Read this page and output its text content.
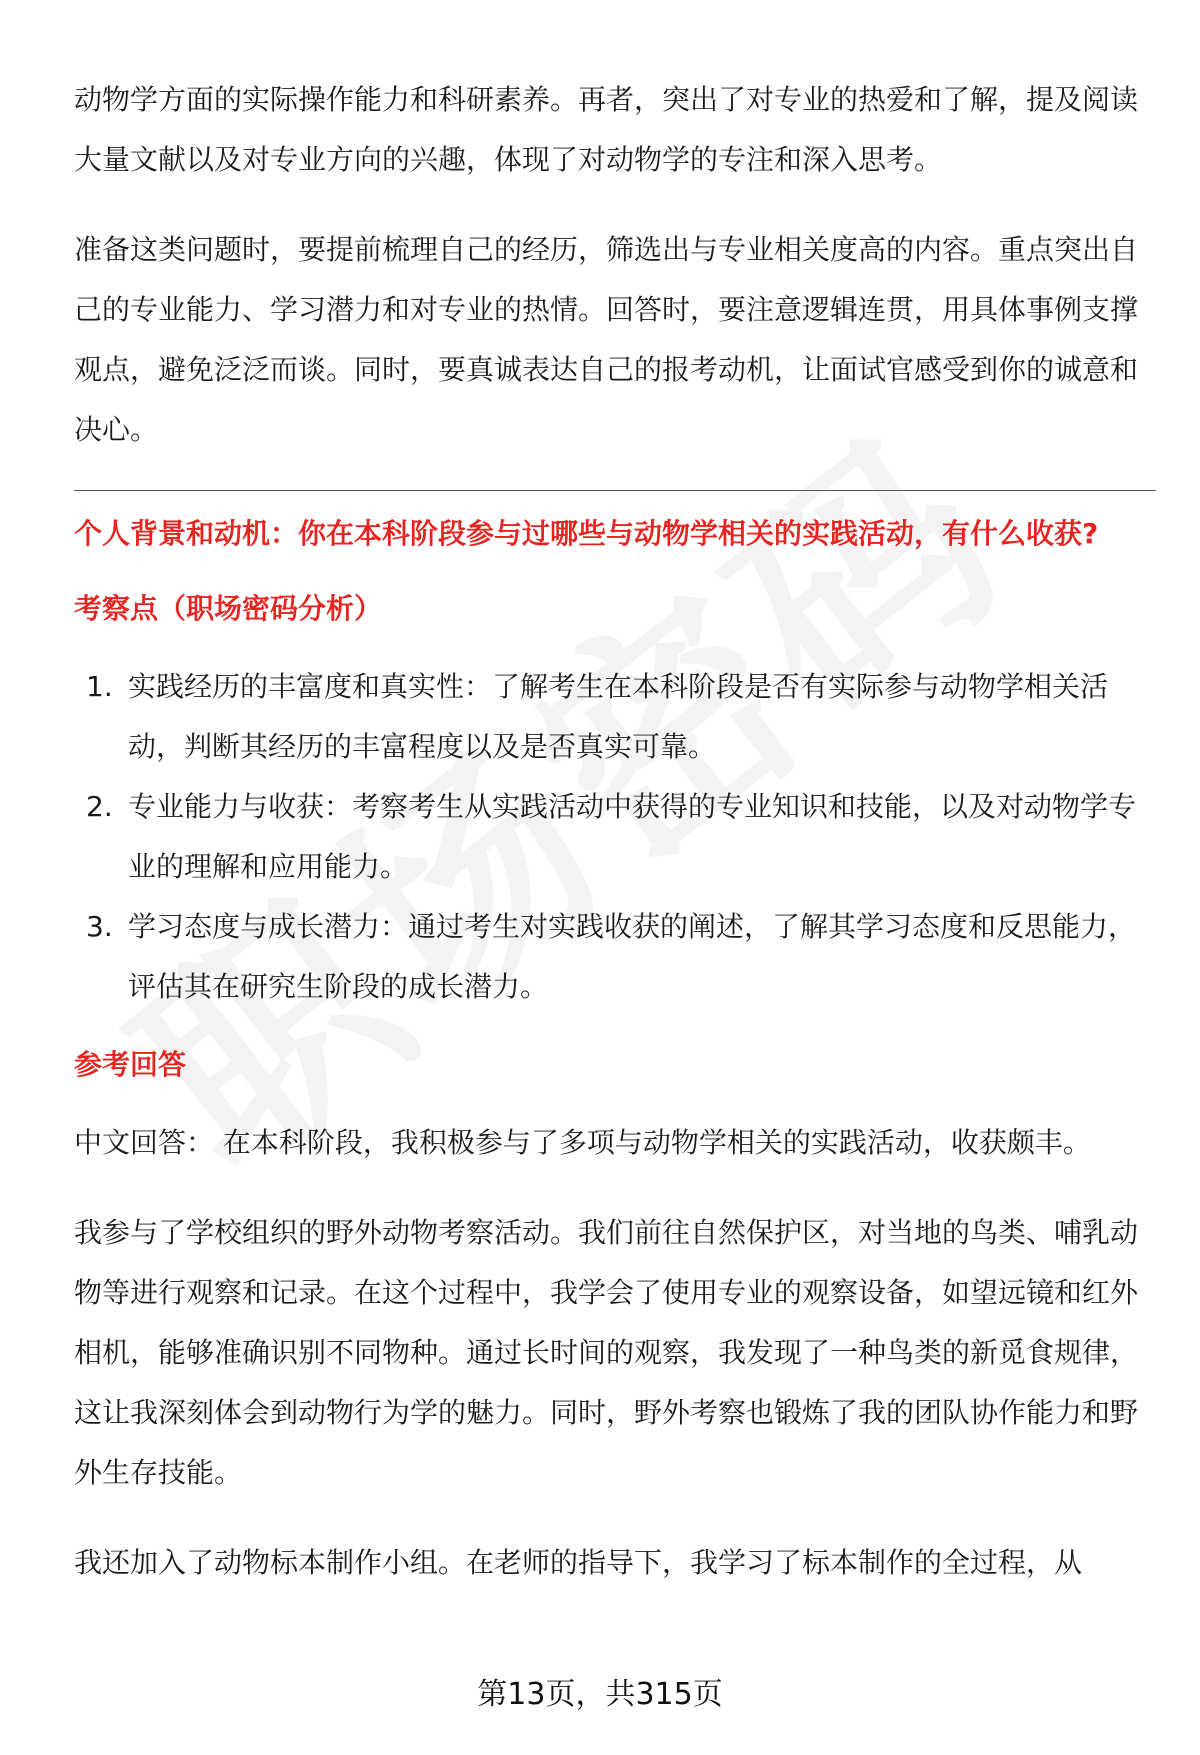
动物学方面的实际操作能力和科研素养。再者，突出了对专业的热爱和了解，提及阅读大量文献以及对专业方向的兴趣，体现了对动物学的专注和深入思考。

准备这类问题时，要提前梳理自己的经历，筛选出与专业相关度高的内容。重点突出自己的专业能力、学习潜力和对专业的热情。回答时，要注意逻辑连贯，用具体事例支撑观点，避免泛泛而谈。同时，要真诚表达自己的报考动机，让面试官感受到你的诚意和决心。

个人背景和动机：你在本科阶段参与过哪些与动物学相关的实践活动，有什么收获?
考察点（职场密码分析）
1. 实践经历的丰富度和真实性：了解考生在本科阶段是否有实际参与动物学相关活动，判断其经历的丰富程度以及是否真实可靠。
2. 专业能力与收获：考察考生从实践活动中获得的专业知识和技能，以及对动物学专业的理解和应用能力。
3. 学习态度与成长潜力：通过考生对实践收获的阐述，了解其学习态度和反思能力，评估其在研究生阶段的成长潜力。
参考回答

中文回答： 在本科阶段，我积极参与了多项与动物学相关的实践活动，收获颇丰。

我参与了学校组织的野外动物考察活动。我们前往自然保护区，对当地的鸟类、哺乳动物等进行观察和记录。在这个过程中，我学会了使用专业的观察设备，如望远镜和红外相机，能够准确识别不同物种。通过长时间的观察，我发现了一种鸟类的新觅食规律，这让我深刻体会到动物行为学的魅力。同时，野外考察也锻炼了我的团队协作能力和野外生存技能。

我还加入了动物标本制作小组。在老师的指导下，我学习了标本制作的全过程，从

第13页，共315页
